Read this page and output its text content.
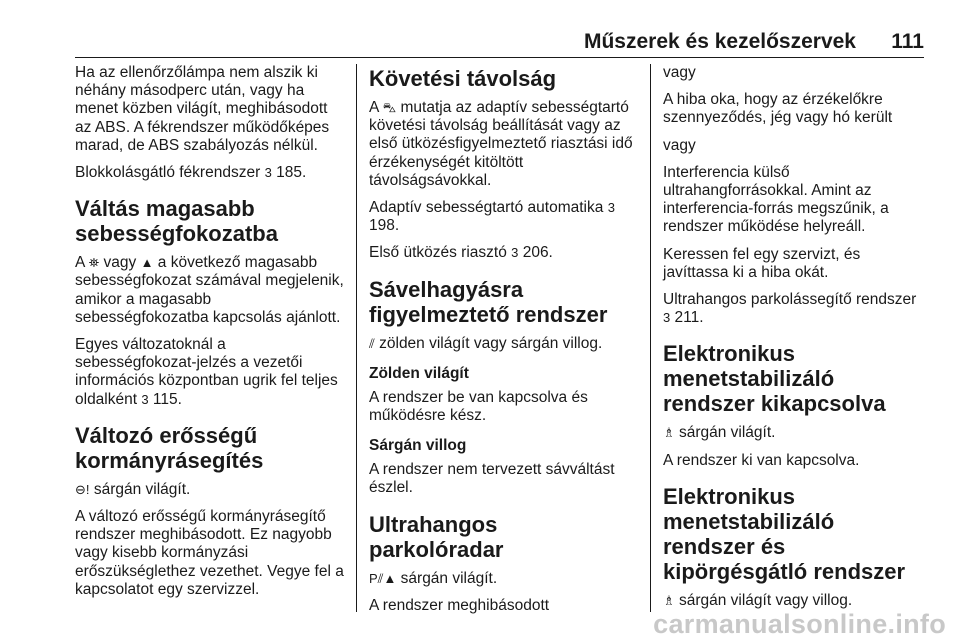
Műszerek és kezelőszervek 111

Ha az ellenőrzőlámpa nem alszik ki néhány másodperc után, vagy ha menet közben világít, meghibásodott az ABS. A fékrendszer működőképes marad, de ABS szabályozás nélkül.

Blokkolásgátló fékrendszer 3 185.

Váltás magasabb sebességfokozatba

A ⛯ vagy ▲ a következő magasabb sebességfokozat számával megjelenik, amikor a magasabb sebességfokozatba kapcsolás ajánlott.

Egyes változatoknál a sebességfokozat-jelzés a vezetői információs központban ugrik fel teljes oldalként 3 115.

Változó erősségű kormányrásegítés

⊖! sárgán világít.

A változó erősségű kormányrásegítő rendszer meghibásodott. Ez nagyobb vagy kisebb kormányzási erőszükséglethez vezethet. Vegye fel a kapcsolatot egy szervizzel.

Követési távolság

A ⛍ mutatja az adaptív sebességtartó követési távolság beállítását vagy az első ütközésfigyelmeztető riasztási idő érzékenységét kitöltött távolságsávokkal.

Adaptív sebességtartó automatika 3 198.

Első ütközés riasztó 3 206.

Sávelhagyásra figyelmeztető rendszer

⫽ zölden világít vagy sárgán villog.

Zölden világít

A rendszer be van kapcsolva és működésre kész.

Sárgán villog

A rendszer nem tervezett sávváltást észlel.

Ultrahangos parkolóradar

P⫽▲ sárgán világít.

A rendszer meghibásodott

vagy

A hiba oka, hogy az érzékelőkre szennyeződés, jég vagy hó került

vagy

Interferencia külső ultrahangforrásokkal. Amint az interferencia-forrás megszűnik, a rendszer működése helyreáll.

Keressen fel egy szervizt, és javíttassa ki a hiba okát.

Ultrahangos parkolássegítő rendszer 3 211.

Elektronikus menetstabilizáló rendszer kikapcsolva

♗ sárgán világít.

A rendszer ki van kapcsolva.

Elektronikus menetstabilizáló rendszer és kipörgésgátló rendszer

♗ sárgán világít vagy villog.

carmanualsonline.info
